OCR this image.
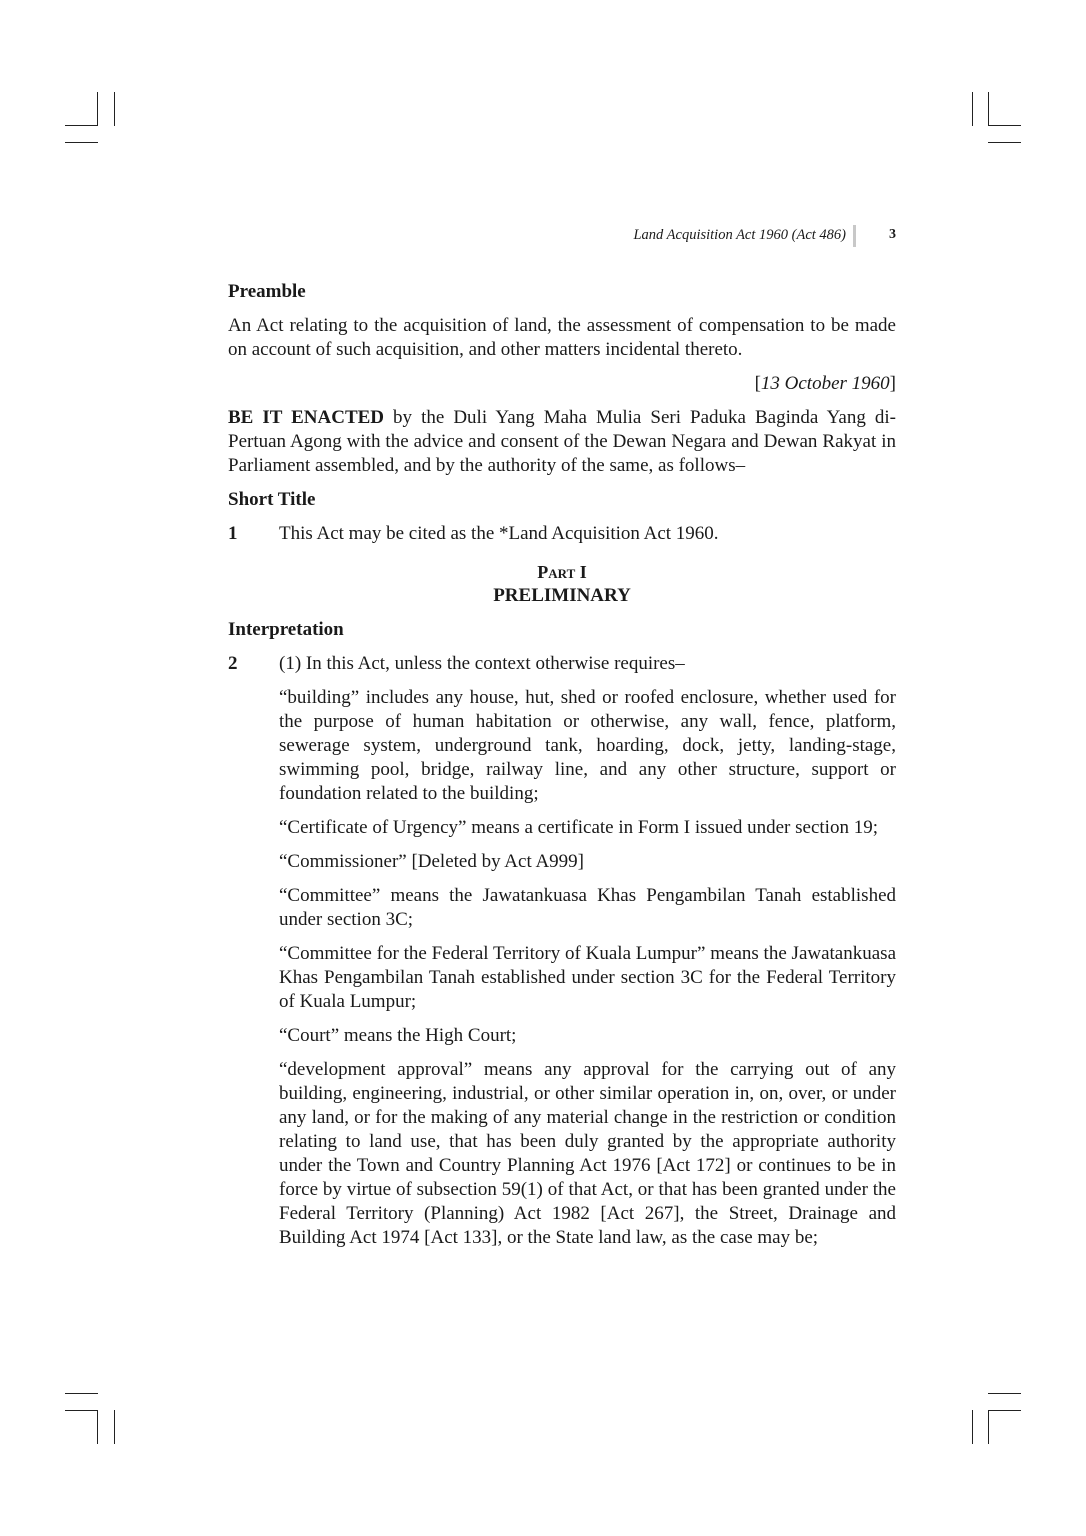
Land Acquisition Act 1960 (Act 486)	3

Preamble

An Act relating to the acquisition of land, the assessment of compensation to be made on account of such acquisition, and other matters incidental thereto.

[13 October 1960]

BE IT ENACTED by the Duli Yang Maha Mulia Seri Paduka Baginda Yang di-Pertuan Agong with the advice and consent of the Dewan Negara and Dewan Rakyat in Parliament assembled, and by the authority of the same, as follows–

Short Title

1 This Act may be cited as the *Land Acquisition Act 1960.

Part I
PRELIMINARY

Interpretation

2 (1) In this Act, unless the context otherwise requires–

“building” includes any house, hut, shed or roofed enclosure, whether used for the purpose of human habitation or otherwise, any wall, fence, platform, sewerage system, underground tank, hoarding, dock, jetty, landing-stage, swimming pool, bridge, railway line, and any other structure, support or foundation related to the building;

“Certificate of Urgency” means a certificate in Form I issued under section 19;

“Commissioner” [Deleted by Act A999]

“Committee” means the Jawatankuasa Khas Pengambilan Tanah established under section 3C;

“Committee for the Federal Territory of Kuala Lumpur” means the Jawatankuasa Khas Pengambilan Tanah established under section 3C for the Federal Territory of Kuala Lumpur;

“Court” means the High Court;

“development approval” means any approval for the carrying out of any building, engineering, industrial, or other similar operation in, on, over, or under any land, or for the making of any material change in the restriction or condition relating to land use, that has been duly granted by the appropriate authority under the Town and Country Planning Act 1976 [Act 172] or continues to be in force by virtue of subsection 59(1) of that Act, or that has been granted under the Federal Territory (Planning) Act 1982 [Act 267], the Street, Drainage and Building Act 1974 [Act 133], or the State land law, as the case may be;
